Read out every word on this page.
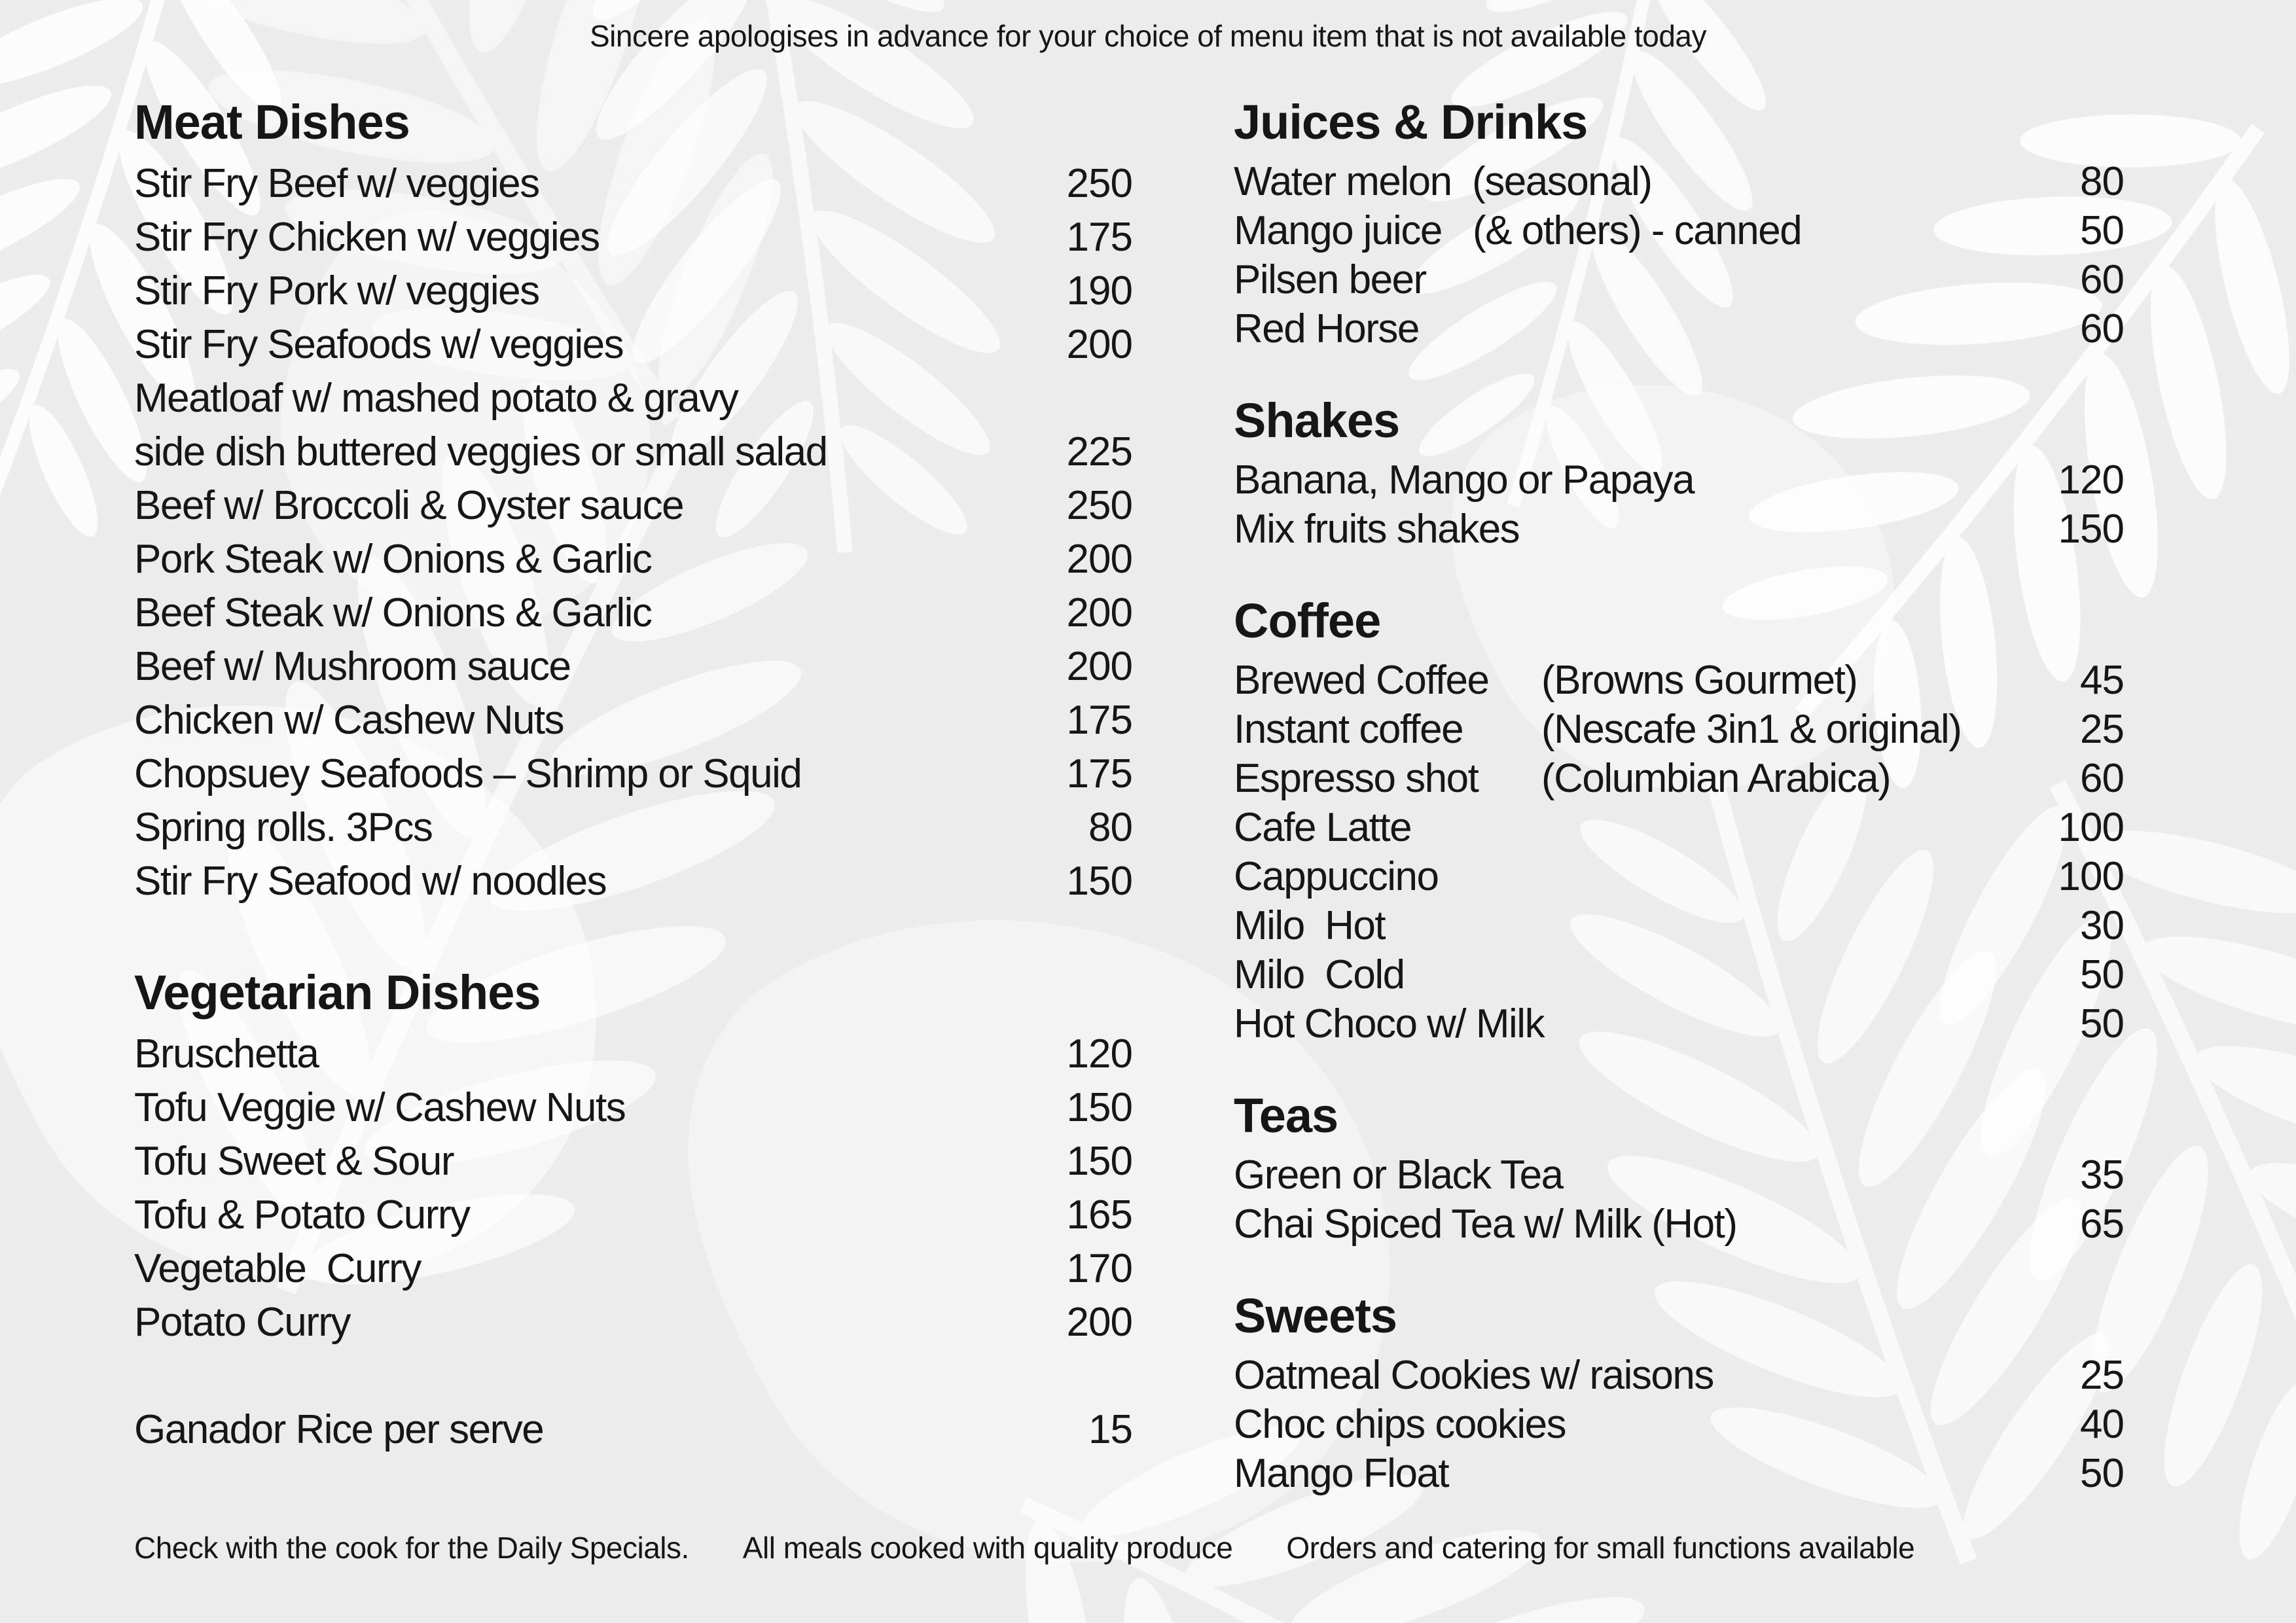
Sincere apologises in advance for your choice of menu item that is not available today
Meat Dishes
Stir Fry Beef w/ veggies	250
Stir Fry Chicken w/ veggies	175
Stir Fry Pork w/ veggies	190
Stir Fry Seafoods w/ veggies	200
Meatloaf w/ mashed potato & gravy
side dish buttered veggies or small salad	225
Beef w/ Broccoli & Oyster sauce	250
Pork Steak w/ Onions & Garlic	200
Beef Steak w/ Onions & Garlic	200
Beef w/ Mushroom sauce	200
Chicken w/ Cashew Nuts	175
Chopsuey Seafoods – Shrimp or Squid	175
Spring rolls. 3Pcs	80
Stir Fry Seafood w/ noodles	150
Vegetarian Dishes
Bruschetta	120
Tofu Veggie w/ Cashew Nuts	150
Tofu Sweet & Sour	150
Tofu & Potato Curry	165
Vegetable  Curry	170
Potato Curry	200
Ganador Rice per serve	15
Juices & Drinks
Water melon  (seasonal)	80
Mango juice   (& others) - canned	50
Pilsen beer	60
Red Horse	60
Shakes
Banana, Mango or Papaya	120
Mix fruits shakes	150
Coffee
Brewed Coffee	(Browns Gourmet)	45
Instant coffee	(Nescafe 3in1 & original)	25
Espresso shot	(Columbian Arabica)	60
Cafe Latte	100
Cappuccino	100
Milo  Hot	30
Milo  Cold	50
Hot Choco w/ Milk	50
Teas
Green or Black Tea	35
Chai Spiced Tea w/ Milk (Hot)	65
Sweets
Oatmeal Cookies w/ raisons	25
Choc chips cookies	40
Mango Float	50
Check with the cook for the Daily Specials. All meals cooked with quality produce Orders and catering for small functions available
